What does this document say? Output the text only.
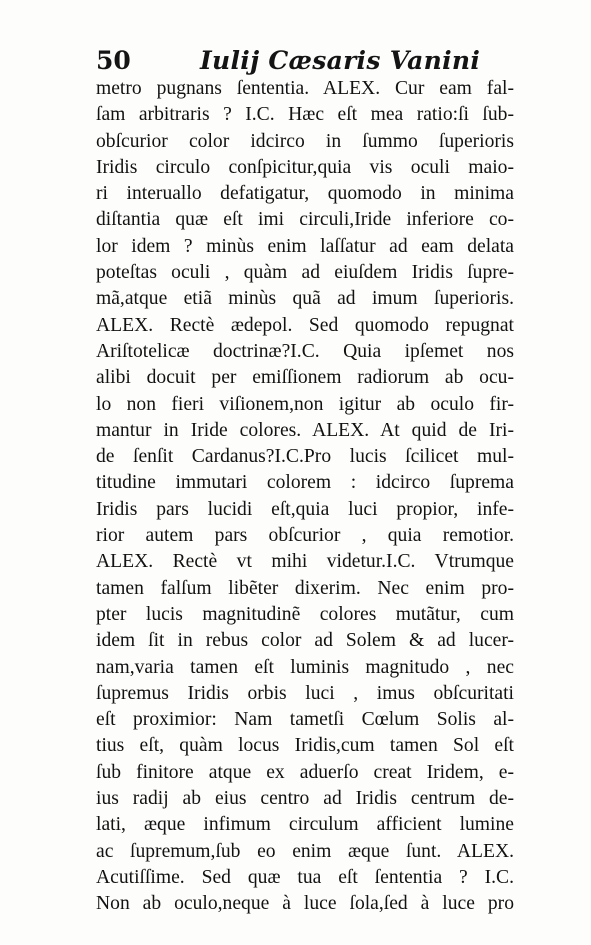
50	Iulij Cæsaris Vanini
metro pugnans ſententia. ALEX. Cur eam fal-
ſam arbitraris ? I.C. Hæc eſt mea ratio:ſi ſub-
obſcurior color idcirco in ſummo ſuperioris
Iridis circulo conſpicitur,quia vis oculi maio-
ri interuallo defatigatur, quomodo in minima
diſtantia quæ eſt imi circuli,Iride inferiore co-
lor idem ? minùs enim laſſatur ad eam delata
poteſtas oculi , quàm ad eiuſdem Iridis ſupre-
mã,atque etiã minùs quã ad imum ſuperioris.
ALEX. Rectè ædepol. Sed quomodo repugnat
Ariſtotelicæ doctrinæ?I.C. Quia ipſemet nos
alibi docuit per emiſſionem radiorum ab ocu-
lo non fieri viſionem,non igitur ab oculo fir-
mantur in Iride colores. ALEX. At quid de Iri-
de ſenſit Cardanus?I.C.Pro lucis ſcilicet mul-
titudine immutari colorem : idcirco ſuprema
Iridis pars lucidi eſt,quia luci propior, infe-
rior autem pars obſcurior , quia remotior.
ALEX. Rectè vt mihi videtur.I.C. Vtrumque
tamen falſum libẽter dixerim. Nec enim pro-
pter lucis magnitudinẽ colores mutãtur, cum
idem ſit in rebus color ad Solem & ad lucer-
nam,varia tamen eſt luminis magnitudo , nec
ſupremus Iridis orbis luci , imus obſcuritati
eſt proximior: Nam tametſi Cœlum Solis al-
tius eſt, quàm locus Iridis,cum tamen Sol eſt
ſub finitore atque ex aduerſo creat Iridem, e-
ius radij ab eius centro ad Iridis centrum de-
lati, æque infimum circulum afficient lumine
ac ſupremum,ſub eo enim æque ſunt. ALEX.
Acutiſſime. Sed quæ tua eſt ſententia ? I.C.
Non ab oculo,neque à luce ſola,ſed à luce pro
